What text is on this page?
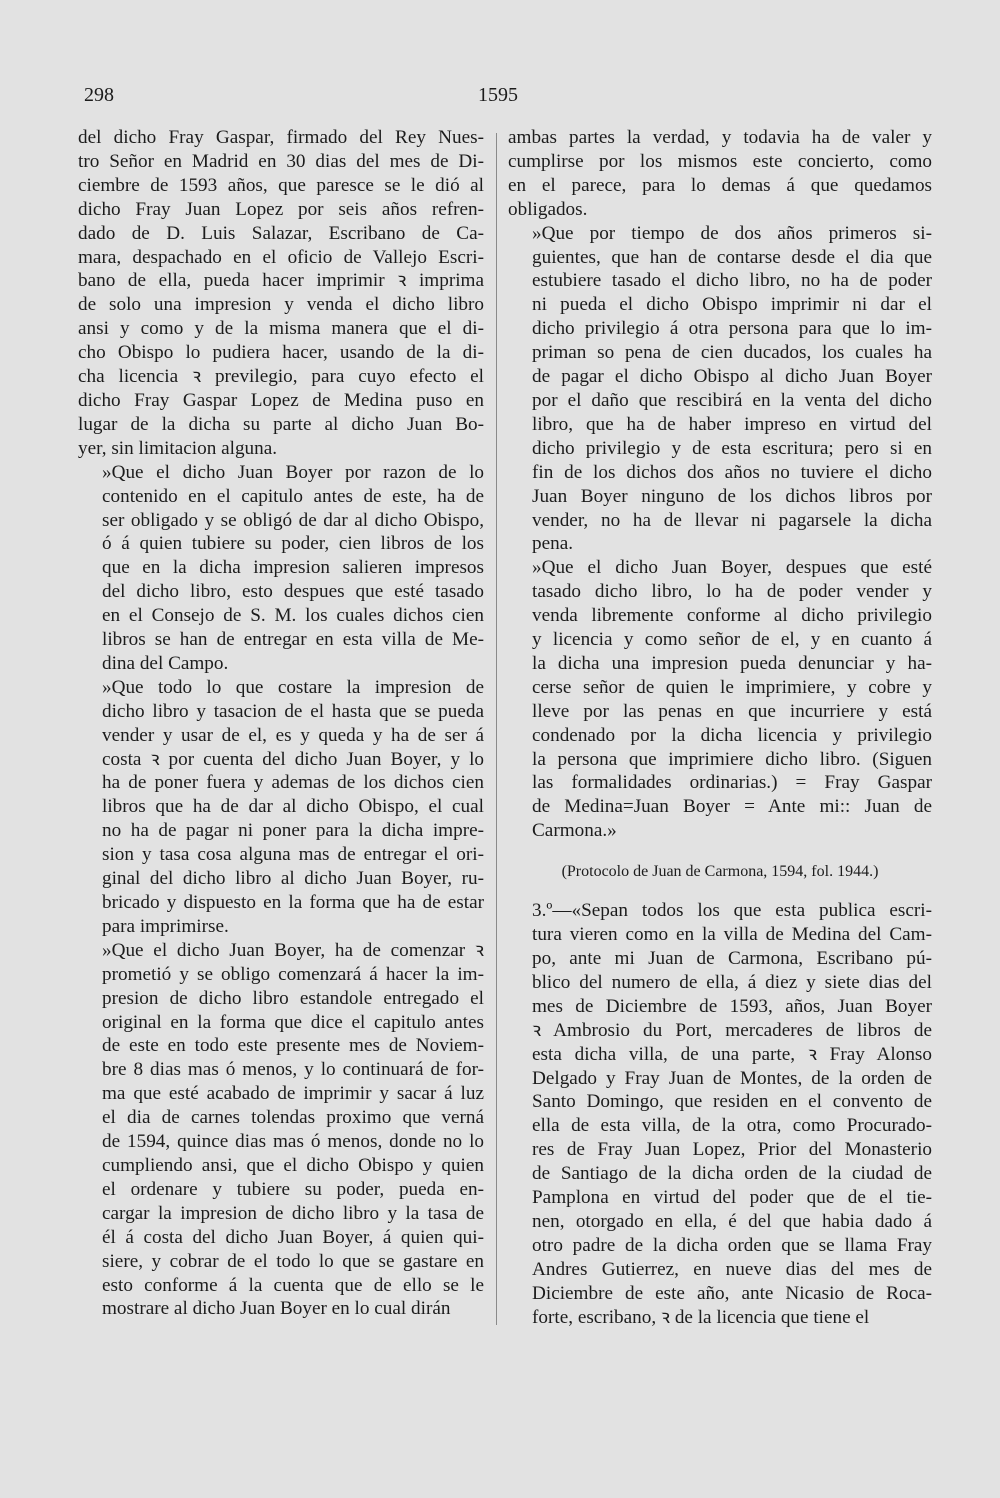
298	1595

del dicho Fray Gaspar, firmado del Rey Nues-
tro Señor en Madrid en 30 dias del mes de Di-
ciembre de 1593 años, que paresce se le dió al
dicho Fray Juan Lopez por seis años refren-
dado de D. Luis Salazar, Escribano de Ca-
mara, despachado en el oficio de Vallejo Escri-
bano de ella, pueda hacer imprimir ꝛ imprima
de solo una impresion y venda el dicho libro
ansi y como y de la misma manera que el di-
cho Obispo lo pudiera hacer, usando de la di-
cha licencia ꝛ previlegio, para cuyo efecto el
dicho Fray Gaspar Lopez de Medina puso en
lugar de la dicha su parte al dicho Juan Bo-
yer, sin limitacion alguna.

»Que el dicho Juan Boyer por razon de lo
contenido en el capitulo antes de este, ha de
ser obligado y se obligó de dar al dicho Obispo,
ó á quien tubiere su poder, cien libros de los
que en la dicha impresion salieren impresos
del dicho libro, esto despues que esté tasado
en el Consejo de S. M. los cuales dichos cien
libros se han de entregar en esta villa de Me-
dina del Campo.

»Que todo lo que costare la impresion de
dicho libro y tasacion de el hasta que se pueda
vender y usar de el, es y queda y ha de ser á
costa ꝛ por cuenta del dicho Juan Boyer, y lo
ha de poner fuera y ademas de los dichos cien
libros que ha de dar al dicho Obispo, el cual
no ha de pagar ni poner para la dicha impre-
sion y tasa cosa alguna mas de entregar el ori-
ginal del dicho libro al dicho Juan Boyer, ru-
bricado y dispuesto en la forma que ha de estar
para imprimirse.

»Que el dicho Juan Boyer, ha de comenzar ꝛ
prometió y se obligo comenzará á hacer la im-
presion de dicho libro estandole entregado el
original en la forma que dice el capitulo antes
de este en todo este presente mes de Noviem-
bre 8 dias mas ó menos, y lo continuará de for-
ma que esté acabado de imprimir y sacar á luz
el dia de carnes tolendas proximo que verná
de 1594, quince dias mas ó menos, donde no lo
cumpliendo ansi, que el dicho Obispo y quien
el ordenare y tubiere su poder, pueda en-
cargar la impresion de dicho libro y la tasa de
él á costa del dicho Juan Boyer, á quien qui-
siere, y cobrar de el todo lo que se gastare en
esto conforme á la cuenta que de ello se le
mostrare al dicho Juan Boyer en lo cual dirán

ambas partes la verdad, y todavia ha de valer y
cumplirse por los mismos este concierto, como
en el parece, para lo demas á que quedamos
obligados.

»Que por tiempo de dos años primeros si-
guientes, que han de contarse desde el dia que
estubiere tasado el dicho libro, no ha de poder
ni pueda el dicho Obispo imprimir ni dar el
dicho privilegio á otra persona para que lo im-
priman so pena de cien ducados, los cuales ha
de pagar el dicho Obispo al dicho Juan Boyer
por el daño que rescibirá en la venta del dicho
libro, que ha de haber impreso en virtud del
dicho privilegio y de esta escritura; pero si en
fin de los dichos dos años no tuviere el dicho
Juan Boyer ninguno de los dichos libros por
vender, no ha de llevar ni pagarsele la dicha
pena.

»Que el dicho Juan Boyer, despues que esté
tasado dicho libro, lo ha de poder vender y
venda libremente conforme al dicho privilegio
y licencia y como señor de el, y en cuanto á
la dicha una impresion pueda denunciar y ha-
cerse señor de quien le imprimiere, y cobre y
lleve por las penas en que incurriere y está
condenado por la dicha licencia y privilegio
la persona que imprimiere dicho libro. (Siguen
las formalidades ordinarias.) = Fray Gaspar
de Medina=Juan Boyer = Ante mi:: Juan de
Carmona.»

(Protocolo de Juan de Carmona, 1594, fol. 1944.)

3.º—«Sepan todos los que esta publica escri-
tura vieren como en la villa de Medina del Cam-
po, ante mi Juan de Carmona, Escribano pú-
blico del numero de ella, á diez y siete dias del
mes de Diciembre de 1593, años, Juan Boyer
ꝛ Ambrosio du Port, mercaderes de libros de
esta dicha villa, de una parte, ꝛ Fray Alonso
Delgado y Fray Juan de Montes, de la orden de
Santo Domingo, que residen en el convento de
ella de esta villa, de la otra, como Procurado-
res de Fray Juan Lopez, Prior del Monasterio
de Santiago de la dicha orden de la ciudad de
Pamplona en virtud del poder que de el tie-
nen, otorgado en ella, é del que habia dado á
otro padre de la dicha orden que se llama Fray
Andres Gutierrez, en nueve dias del mes de
Diciembre de este año, ante Nicasio de Roca-
forte, escribano, ꝛ de la licencia que tiene el
